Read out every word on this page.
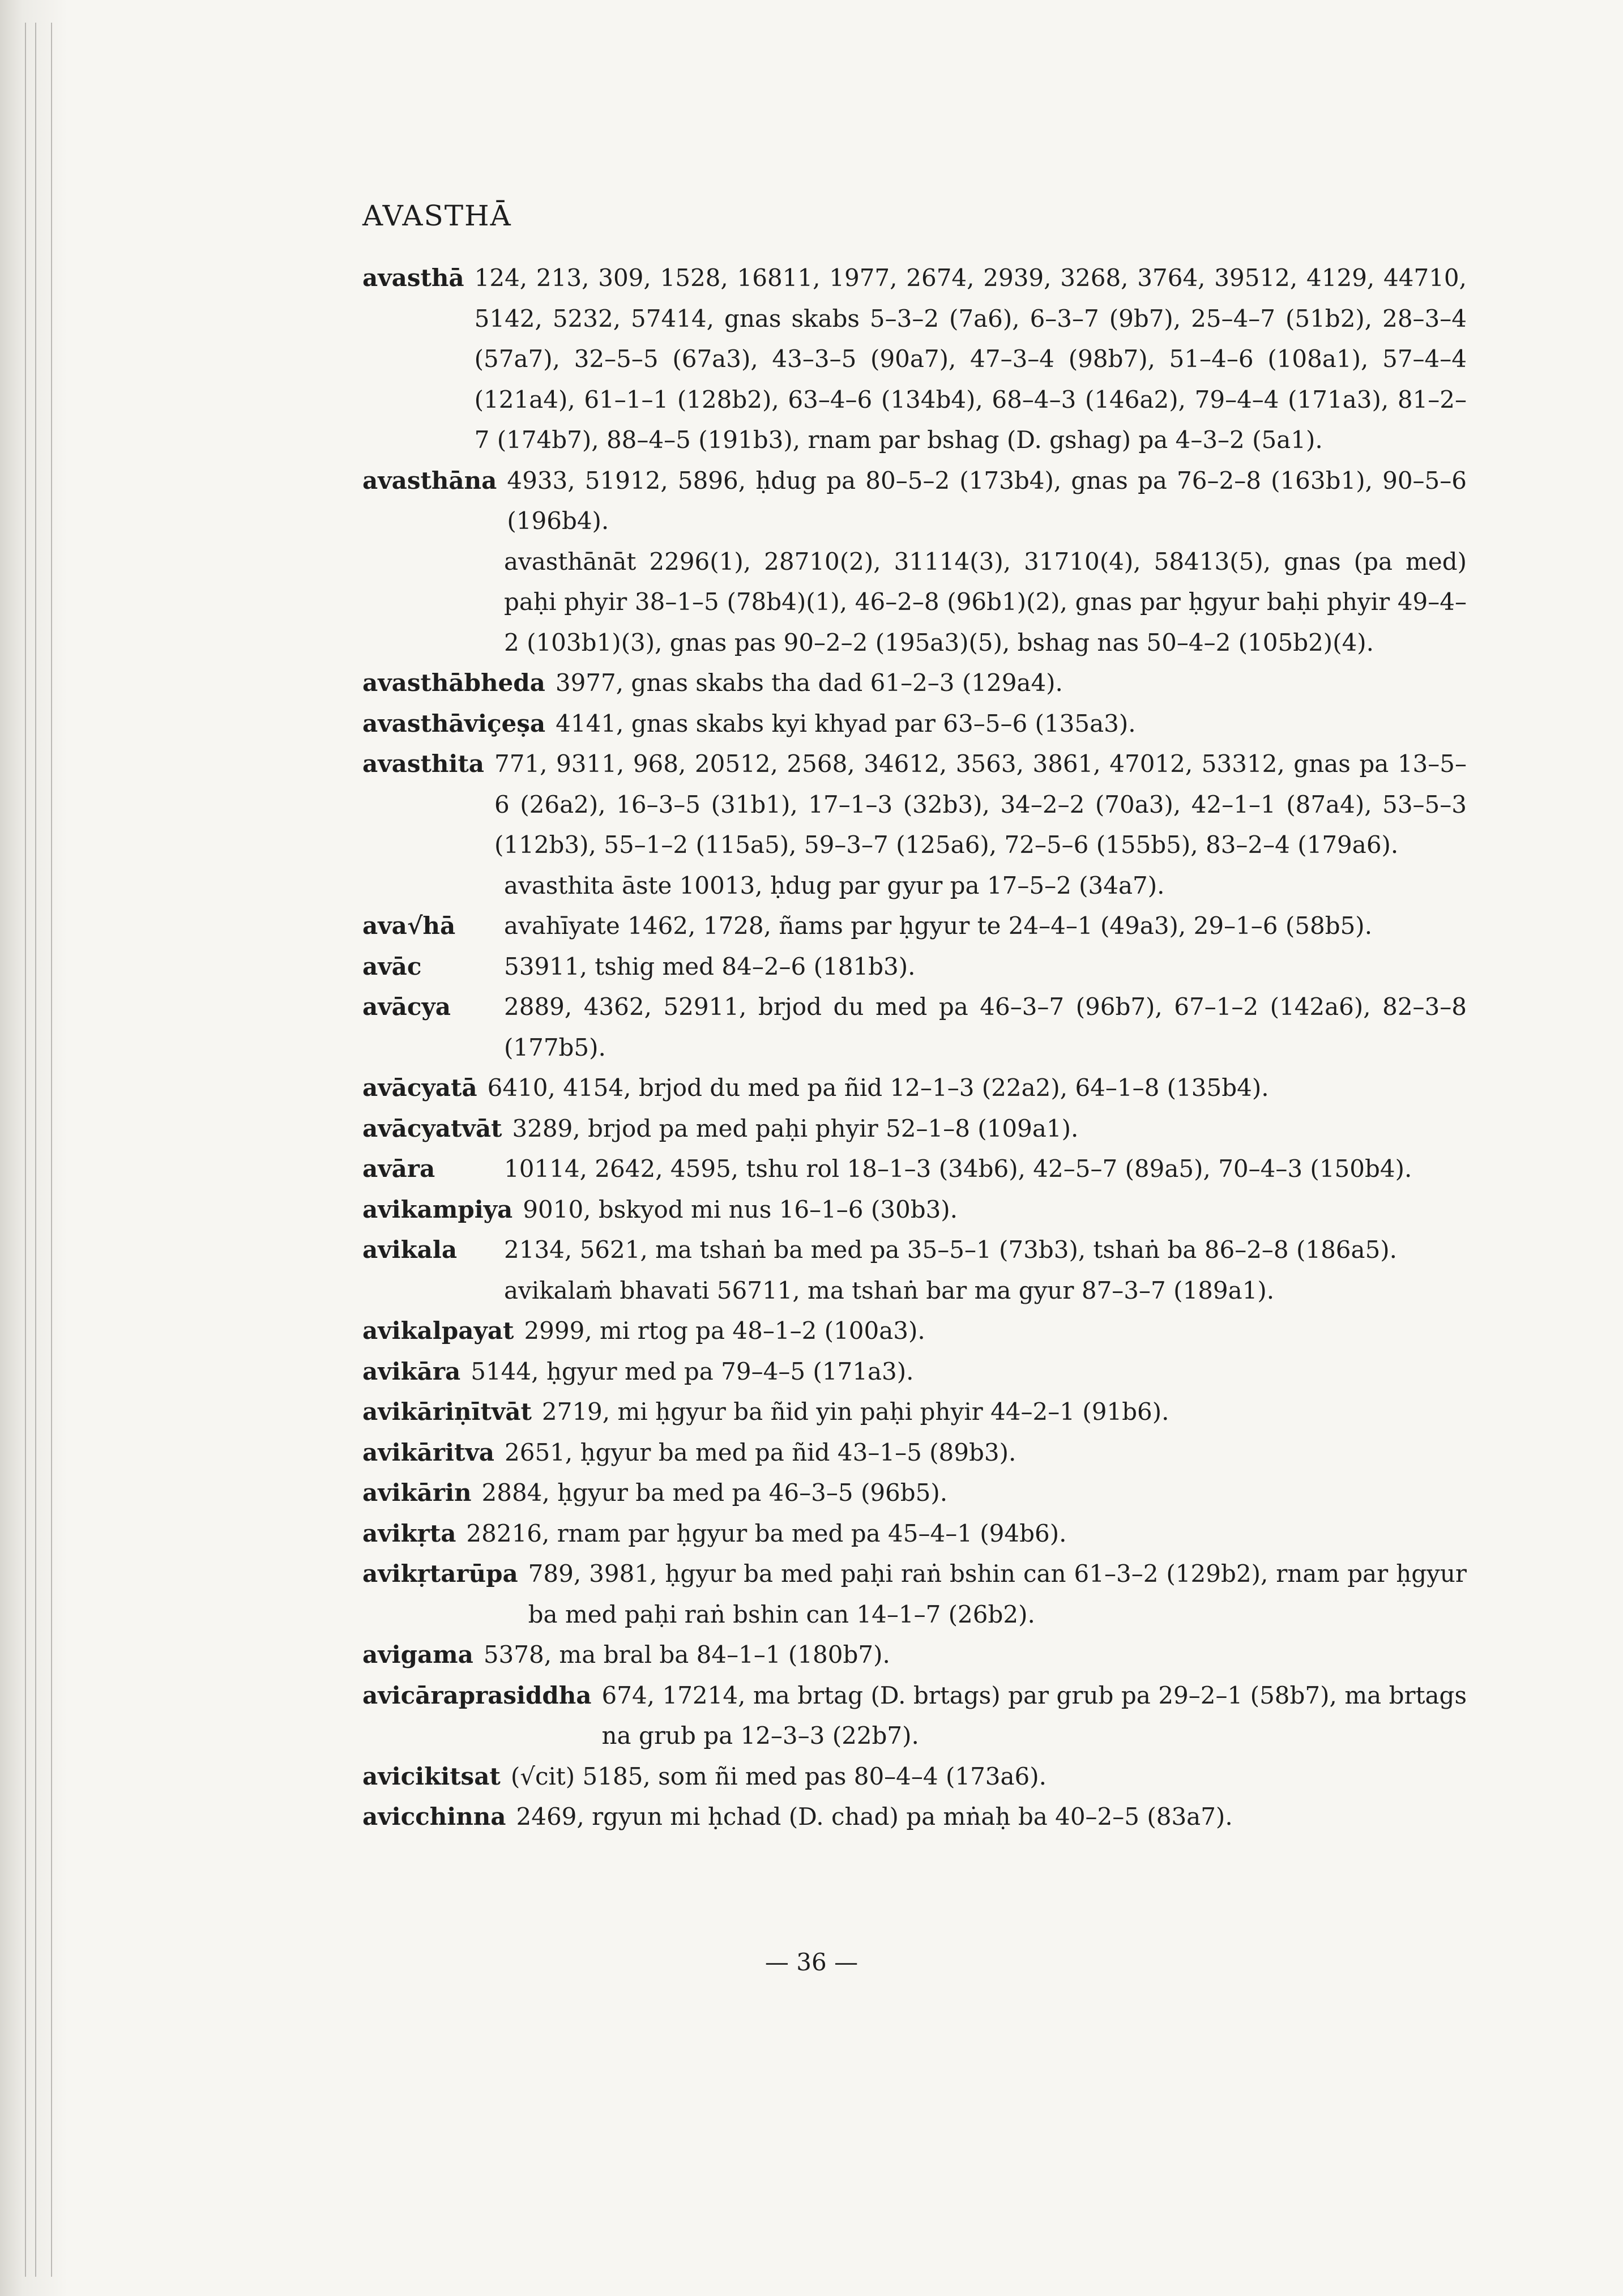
AVASTHĀ
avasthā 124, 213, 309, 1528, 16811, 1977, 2674, 2939, 3268, 3764, 39512, 4129, 44710, 5142, 5232, 57414, gnas skabs 5–3–2 (7a6), 6–3–7 (9b7), 25–4–7 (51b2), 28–3–4 (57a7), 32–5–5 (67a3), 43–3–5 (90a7), 47–3–4 (98b7), 51–4–6 (108a1), 57–4–4 (121a4), 61–1–1 (128b2), 63–4–6 (134b4), 68–4–3 (146a2), 79–4–4 (171a3), 81–2–7 (174b7), 88–4–5 (191b3), rnam par bshag (D. gshag) pa 4–3–2 (5a1).
avasthāna 4933, 51912, 5896, ḥdug pa 80–5–2 (173b4), gnas pa 76–2–8 (163b1), 90–5–6 (196b4).
avasthānāt 2296(1), 28710(2), 31114(3), 31710(4), 58413(5), gnas (pa med) paḥi phyir 38–1–5 (78b4)(1), 46–2–8 (96b1)(2), gnas par ḥgyur baḥi phyir 49–4–2 (103b1)(3), gnas pas 90–2–2 (195a3)(5), bshag nas 50–4–2 (105b2)(4).
avasthābheda 3977, gnas skabs tha dad 61–2–3 (129a4).
avasthāviçeṣa 4141, gnas skabs kyi khyad par 63–5–6 (135a3).
avasthita 771, 9311, 968, 20512, 2568, 34612, 3563, 3861, 47012, 53312, gnas pa 13–5–6 (26a2), 16–3–5 (31b1), 17–1–3 (32b3), 34–2–2 (70a3), 42–1–1 (87a4), 53–5–3 (112b3), 55–1–2 (115a5), 59–3–7 (125a6), 72–5–6 (155b5), 83–2–4 (179a6).
avasthita āste 10013, ḥdug par gyur pa 17–5–2 (34a7).
ava√hā	avahīyate 1462, 1728, ñams par ḥgyur te 24–4–1 (49a3), 29–1–6 (58b5).
avāc	53911, tshig med 84–2–6 (181b3).
avācya	2889, 4362, 52911, brjod du med pa 46–3–7 (96b7), 67–1–2 (142a6), 82–3–8 (177b5).
avācyatā 6410, 4154, brjod du med pa ñid 12–1–3 (22a2), 64–1–8 (135b4).
avācyatvāt 3289, brjod pa med paḥi phyir 52–1–8 (109a1).
avāra	10114, 2642, 4595, tshu rol 18–1–3 (34b6), 42–5–7 (89a5), 70–4–3 (150b4).
avikampiya 9010, bskyod mi nus 16–1–6 (30b3).
avikala	2134, 5621, ma tshaṅ ba med pa 35–5–1 (73b3), tshaṅ ba 86–2–8 (186a5).
avikalaṁ bhavati 56711, ma tshaṅ bar ma gyur 87–3–7 (189a1).
avikalpayat 2999, mi rtog pa 48–1–2 (100a3).
avikāra 5144, ḥgyur med pa 79–4–5 (171a3).
avikāriṇītvāt 2719, mi ḥgyur ba ñid yin paḥi phyir 44–2–1 (91b6).
avikāritva 2651, ḥgyur ba med pa ñid 43–1–5 (89b3).
avikārin 2884, ḥgyur ba med pa 46–3–5 (96b5).
avikṛta 28216, rnam par ḥgyur ba med pa 45–4–1 (94b6).
avikṛtarūpa 789, 3981, ḥgyur ba med paḥi raṅ bshin can 61–3–2 (129b2), rnam par ḥgyur ba med paḥi raṅ bshin can 14–1–7 (26b2).
avigama 5378, ma bral ba 84–1–1 (180b7).
avicāraprasiddha 674, 17214, ma brtag (D. brtags) par grub pa 29–2–1 (58b7), ma brtags na grub pa 12–3–3 (22b7).
avicikitsat (√cit) 5185, som ñi med pas 80–4–4 (173a6).
avicchinna 2469, rgyun mi ḥchad (D. chad) pa mṅaḥ ba 40–2–5 (83a7).
— 36 —
